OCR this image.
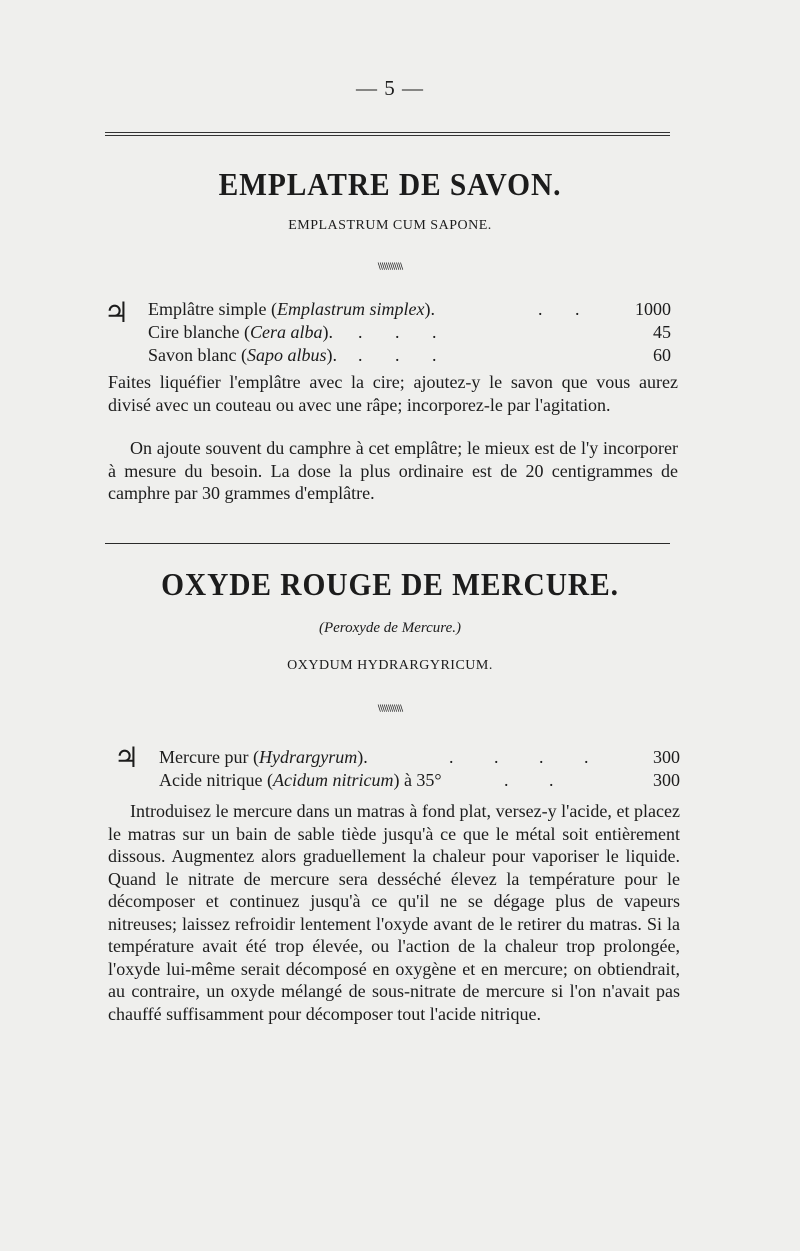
— 5 —
EMPLATRE DE SAVON.
EMPLASTRUM CUM SAPONE.
\\\\\\\\\\\\
♃ Emplâtre simple (Emplastrum simplex).	. . 1000
Cire blanche (Cera alba). . . .	45
Savon blanc (Sapo albus). . . .	60
Faites liquéfier l'emplâtre avec la cire; ajoutez-y le savon que vous aurez divisé avec un couteau ou avec une râpe; incorporez-le par l'agitation.
On ajoute souvent du camphre à cet emplâtre; le mieux est de l'y incorporer à mesure du besoin. La dose la plus ordinaire est de 20 centigrammes de camphre par 30 grammes d'emplâtre.
OXYDE ROUGE DE MERCURE.
(Peroxyde de Mercure.)
OXYDUM HYDRARGYRICUM.
\\\\\\\\\\\\
♃ Mercure pur (Hydrargyrum).	. . . .	300
Acide nitrique (Acidum nitricum) à 35°	. .	300
Introduisez le mercure dans un matras à fond plat, versez-y l'acide, et placez le matras sur un bain de sable tiède jusqu'à ce que le métal soit entièrement dissous. Augmentez alors graduellement la chaleur pour vaporiser le liquide. Quand le nitrate de mercure sera desséché élevez la température pour le décomposer et continuez jusqu'à ce qu'il ne se dégage plus de vapeurs nitreuses; laissez refroidir lentement l'oxyde avant de le retirer du matras. Si la température avait été trop élevée, ou l'action de la chaleur trop prolongée, l'oxyde lui-même serait décomposé en oxygène et en mercure; on obtiendrait, au contraire, un oxyde mélangé de sous-nitrate de mercure si l'on n'avait pas chauffé suffisamment pour décomposer tout l'acide nitrique.
